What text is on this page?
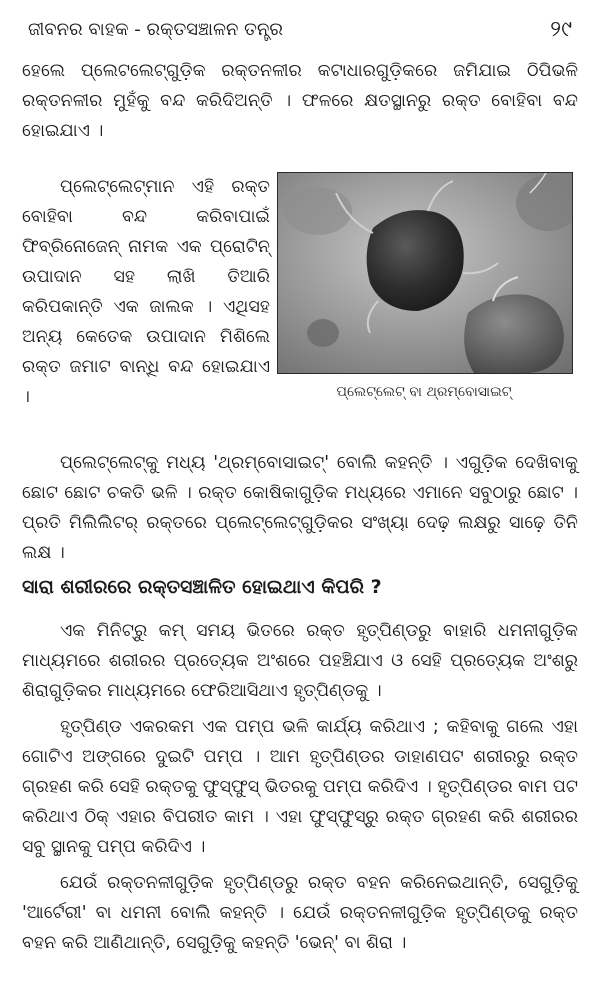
ଜୀବନର ବାହକ - ରକ୍ତସଞ୍ଚାଳନ ତନ୍ତ୍ର	୨୯

ହେଲେ ପ୍ଲେଟଲେଟ୍‌ଗୁଡ଼ିକ ରକ୍ତନଳୀର କଟାଧାରଗୁଡ଼ିକରେ ଜମିଯାଇ ଠିପିଭଳି ରକ୍ତନଳୀର ମୁହଁକୁ ବନ୍ଦ କରିଦିଅନ୍ତି । ଫଳରେ କ୍ଷତସ୍ଥାନରୁ ରକ୍ତ ବୋହିବା ବନ୍ଦ ହୋଇଯାଏ ।

ପ୍ଲେଟ୍‌ଲେଟ୍‌ମାନ ଏହି ରକ୍ତ ବୋହିବା ବନ୍ଦ କରିବାପାଇଁ ଫିବ୍ରିନୋଜେନ୍ ନାମକ ଏକ ପ୍ରୋଟିନ୍ ଉପାଦାନ ସହ ଲାଖି ତିଆରି କରିପକାନ୍ତି ଏକ ଜାଲକ । ଏଥିସହ ଅନ୍ୟ କେତେକ ଉପାଦାନ ମିଶିଲେ ରକ୍ତ ଜମାଟ ବାନ୍ଧି ବନ୍ଦ ହୋଇଯାଏ ।	ପ୍ଲେଟ୍‌ଲେଟ୍ ବା ଥ୍ରମ୍ବୋସାଇଟ୍

ପ୍ଲେଟ୍‌ଲେଟ୍‌କୁ ମଧ୍ୟ 'ଥ୍ରମ୍ବୋସାଇଟ୍' ବୋଲି କହନ୍ତି । ଏଗୁଡ଼ିକ ଦେଖିବାକୁ ଛୋଟ ଛୋଟ ଚକତି ଭଳି । ରକ୍ତ କୋଷିକାଗୁଡ଼ିକ ମଧ୍ୟରେ ଏମାନେ ସବୁଠାରୁ ଛୋଟ । ପ୍ରତି ମିଲିଲିଟର୍ ରକ୍ତରେ ପ୍ଲେଟ୍‌ଲେଟ୍‌ଗୁଡ଼ିକର ସଂଖ୍ୟା ଦେଢ଼ ଲକ୍ଷରୁ ସାଢ଼େ ତିନି ଲକ୍ଷ ।

ସାରା ଶରୀରରେ ରକ୍ତସଞ୍ଚାଳିତ ହୋଇଥାଏ କିପରି ?

ଏକ ମିନିଟ୍‌ରୁ କମ୍ ସମୟ ଭିତରେ ରକ୍ତ ହୃତ୍‌ପିଣ୍ଡରୁ ବାହାରି ଧମନୀଗୁଡ଼ିକ ମାଧ୍ୟମରେ ଶରୀରର ପ୍ରତ୍ୟେକ ଅଂଶରେ ପହଞ୍ଚିଯାଏ ଓ ସେହି ପ୍ରତ୍ୟେକ ଅଂଶରୁ ଶିରାଗୁଡ଼ିକର ମାଧ୍ୟମରେ ଫେରିଆସିଥାଏ ହୃତ୍‌ପିଣ୍ଡକୁ ।

ହୃତ୍‌ପିଣ୍ଡ ଏକରକମ ଏକ ପମ୍ପ ଭଳି କାର୍ଯ୍ୟ କରିଥାଏ ; କହିବାକୁ ଗଲେ ଏହା ଗୋଟିଏ ଅଙ୍ଗରେ ଦୁଇଟି ପମ୍ପ । ଆମ ହୃତ୍‌ପିଣ୍ଡର ଡାହାଣପଟ ଶରୀରରୁ ରକ୍ତ ଗ୍ରହଣ କରି ସେହି ରକ୍ତକୁ ଫୁସ୍‌ଫୁସ୍ ଭିତରକୁ ପମ୍ପ କରିଦିଏ । ହୃତ୍‌ପିଣ୍ଡର ବାମ ପଟ କରିଥାଏ ଠିକ୍ ଏହାର ବିପରୀତ କାମ । ଏହା ଫୁସ୍‌ଫୁସ୍‌ରୁ ରକ୍ତ ଗ୍ରହଣ କରି ଶରୀରର ସବୁ ସ୍ଥାନକୁ ପମ୍ପ କରିଦିଏ ।

ଯେଉଁ ରକ୍ତନଳୀଗୁଡ଼ିକ ହୃତ୍‌ପିଣ୍ଡରୁ ରକ୍ତ ବହନ କରିନେଇଥାନ୍ତି, ସେଗୁଡ଼ିକୁ 'ଆର୍ଟେରୀ' ବା ଧମନୀ ବୋଲି କହନ୍ତି । ଯେଉଁ ରକ୍ତନଳୀଗୁଡ଼ିକ ହୃତ୍‌ପିଣ୍ଡକୁ ରକ୍ତ ବହନ କରି ଆଣିଥାନ୍ତି, ସେଗୁଡ଼ିକୁ କହନ୍ତି 'ଭେନ୍' ବା ଶିରା ।
